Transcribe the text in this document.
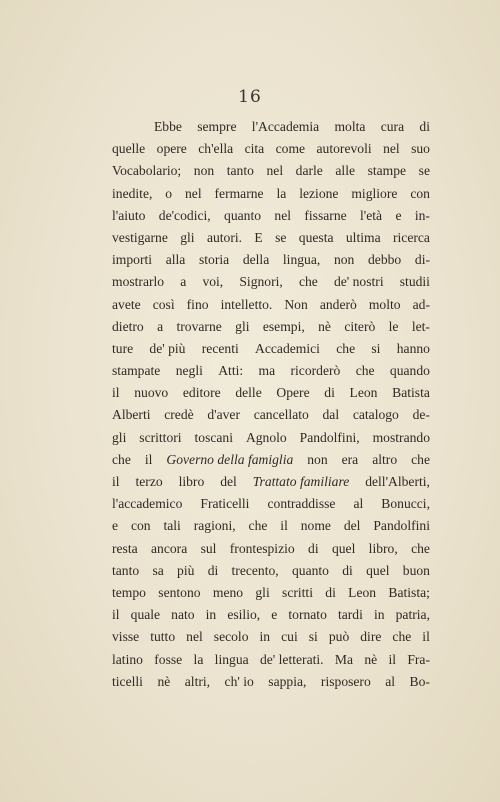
16
Ebbe sempre l'Accademia molta cura di
quelle opere ch'ella cita come autorevoli nel suo
Vocabolario; non tanto nel darle alle stampe se
inedite, o nel fermarne la lezione migliore con
l'aiuto de'codici, quanto nel fissarne l'età e in-
vestigarne gli autori. E se questa ultima ricerca
importi alla storia della lingua, non debbo di-
mostrarlo a voi, Signori, che de' nostri studii
avete così fino intelletto. Non anderò molto ad-
dietro a trovarne gli esempi, nè citerò le let-
ture de' più recenti Accademici che si hanno
stampate negli Atti: ma ricorderò che quando
il nuovo editore delle Opere di Leon Batista
Alberti credè d'aver cancellato dal catalogo de-
gli scrittori toscani Agnolo Pandolfini, mostrando
che il Governo della famiglia non era altro che
il terzo libro del Trattato familiare dell'Alberti,
l'accademico Fraticelli contraddisse al Bonucci,
e con tali ragioni, che il nome del Pandolfini
resta ancora sul frontespizio di quel libro, che
tanto sa più di trecento, quanto di quel buon
tempo sentono meno gli scritti di Leon Batista;
il quale nato in esilio, e tornato tardi in patria,
visse tutto nel secolo in cui si può dire che il
latino fosse la lingua de' letterati. Ma nè il Fra-
ticelli nè altri, ch' io sappia, risposero al Bo-
